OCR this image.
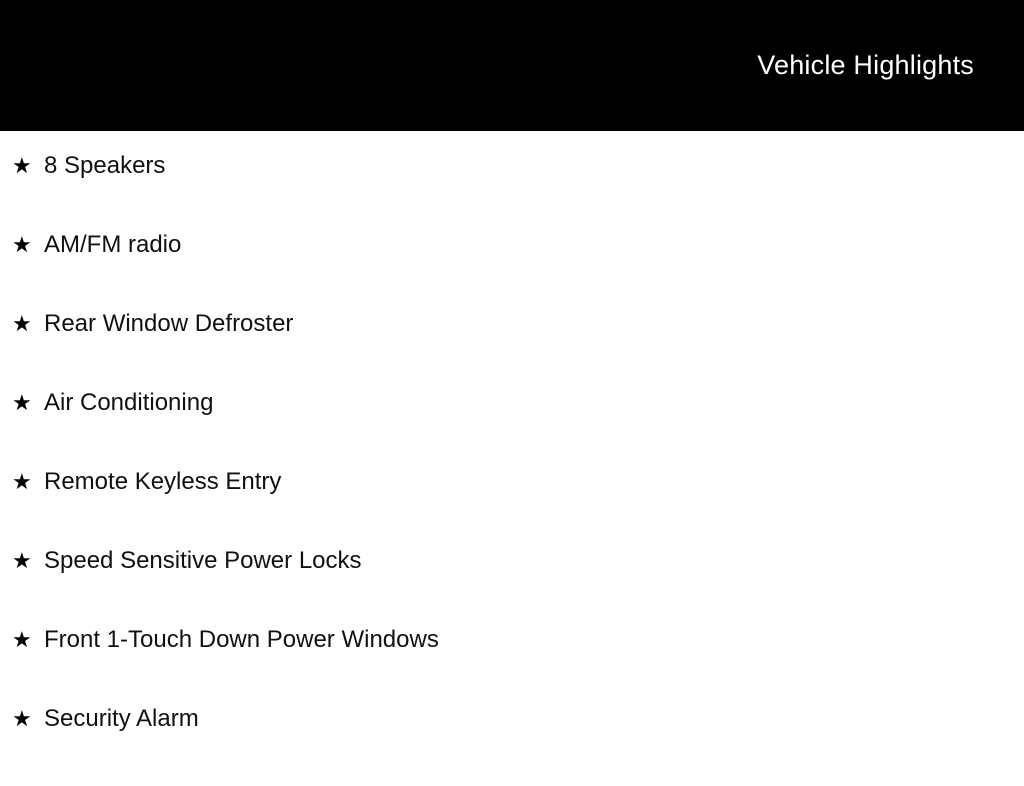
Vehicle Highlights
★ 8 Speakers
★ AM/FM radio
★ Rear Window Defroster
★ Air Conditioning
★ Remote Keyless Entry
★ Speed Sensitive Power Locks
★ Front 1-Touch Down Power Windows
★ Security Alarm
